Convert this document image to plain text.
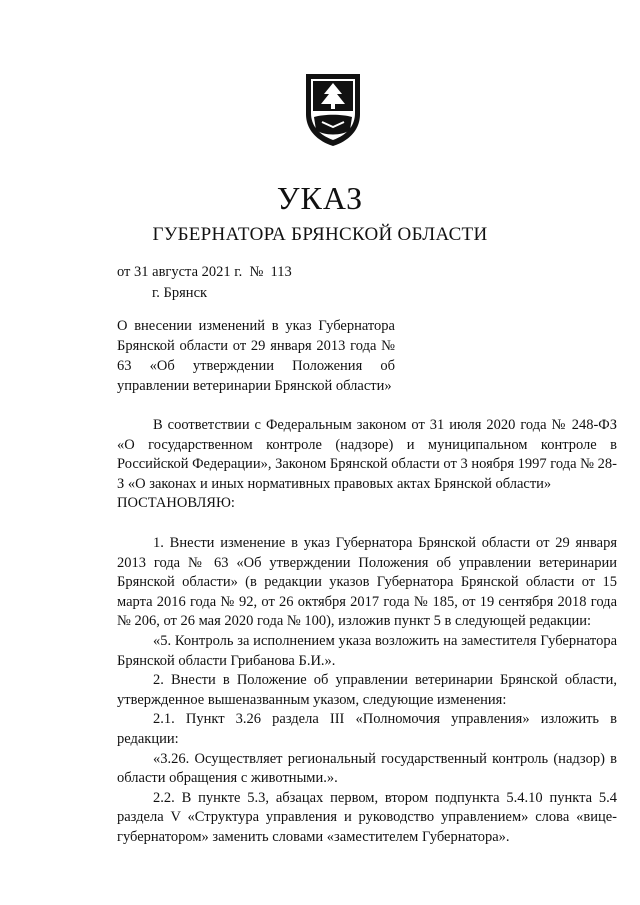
УКАЗ
ГУБЕРНАТОРА БРЯНСКОЙ ОБЛАСТИ
от 31 августа 2021 г.  №  113
г. Брянск
О внесении изменений в указ Губернатора Брянской области от 29 января 2013 года № 63 «Об утверждении Положения об управлении ветеринарии Брянской области»

В соответствии с Федеральным законом от 31 июля 2020 года № 248-ФЗ «О государственном контроле (надзоре) и муниципальном контроле в Российской Федерации», Законом Брянской области от 3 ноября 1997 года № 28-З «О законах и иных нормативных правовых актах Брянской области»

ПОСТАНОВЛЯЮ:

1. Внести изменение в указ Губернатора Брянской области от 29 января 2013 года № 63 «Об утверждении Положения об управлении ветеринарии Брянской области» (в редакции указов Губернатора Брянской области от 15 марта 2016 года № 92, от 26 октября 2017 года № 185, от 19 сентября 2018 года № 206, от 26 мая 2020 года № 100), изложив пункт 5 в следующей редакции:

«5. Контроль за исполнением указа возложить на заместителя Губернатора Брянской области Грибанова Б.И.».

2. Внести в Положение об управлении ветеринарии Брянской области, утвержденное вышеназванным указом, следующие изменения:

2.1. Пункт 3.26 раздела III «Полномочия управления» изложить в редакции:

«3.26. Осуществляет региональный государственный контроль (надзор) в области обращения с животными.».

2.2. В пункте 5.3, абзацах первом, втором подпункта 5.4.10 пункта 5.4 раздела V «Структура управления и руководство управлением» слова «вице-губернатором» заменить словами «заместителем Губернатора».
